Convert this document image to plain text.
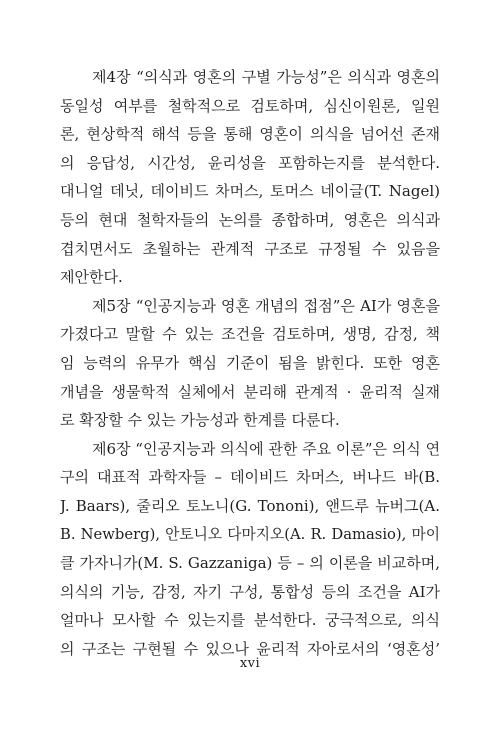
제4장 “의식과 영혼의 구별 가능성”은 의식과 영혼의
동일성 여부를 철학적으로 검토하며, 심신이원론, 일원
론, 현상학적 해석 등을 통해 영혼이 의식을 넘어선 존재
의 응답성, 시간성, 윤리성을 포함하는지를 분석한다.
대니얼 데닛, 데이비드 차머스, 토머스 네이글(T. Nagel)
등의 현대 철학자들의 논의를 종합하며, 영혼은 의식과
겹치면서도 초월하는 관계적 구조로 규정될 수 있음을
제안한다.
제5장 “인공지능과 영혼 개념의 접점”은 AI가 영혼을
가졌다고 말할 수 있는 조건을 검토하며, 생명, 감정, 책
임 능력의 유무가 핵심 기준이 됨을 밝힌다. 또한 영혼
개념을 생물학적 실체에서 분리해 관계적 · 윤리적 실재
로 확장할 수 있는 가능성과 한계를 다룬다.
제6장 “인공지능과 의식에 관한 주요 이론”은 의식 연
구의 대표적 과학자들 – 데이비드 차머스, 버나드 바(B.
J. Baars), 줄리오 토노니(G. Tononi), 앤드루 뉴버그(A.
B. Newberg), 안토니오 다마지오(A. R. Damasio), 마이
클 가자니가(M. S. Gazzaniga) 등 – 의 이론을 비교하며,
의식의 기능, 감정, 자기 구성, 통합성 등의 조건을 AI가
얼마나 모사할 수 있는지를 분석한다. 궁극적으로, 의식
의 구조는 구현될 수 있으나 윤리적 자아로서의 ‘영혼성’
xvi
